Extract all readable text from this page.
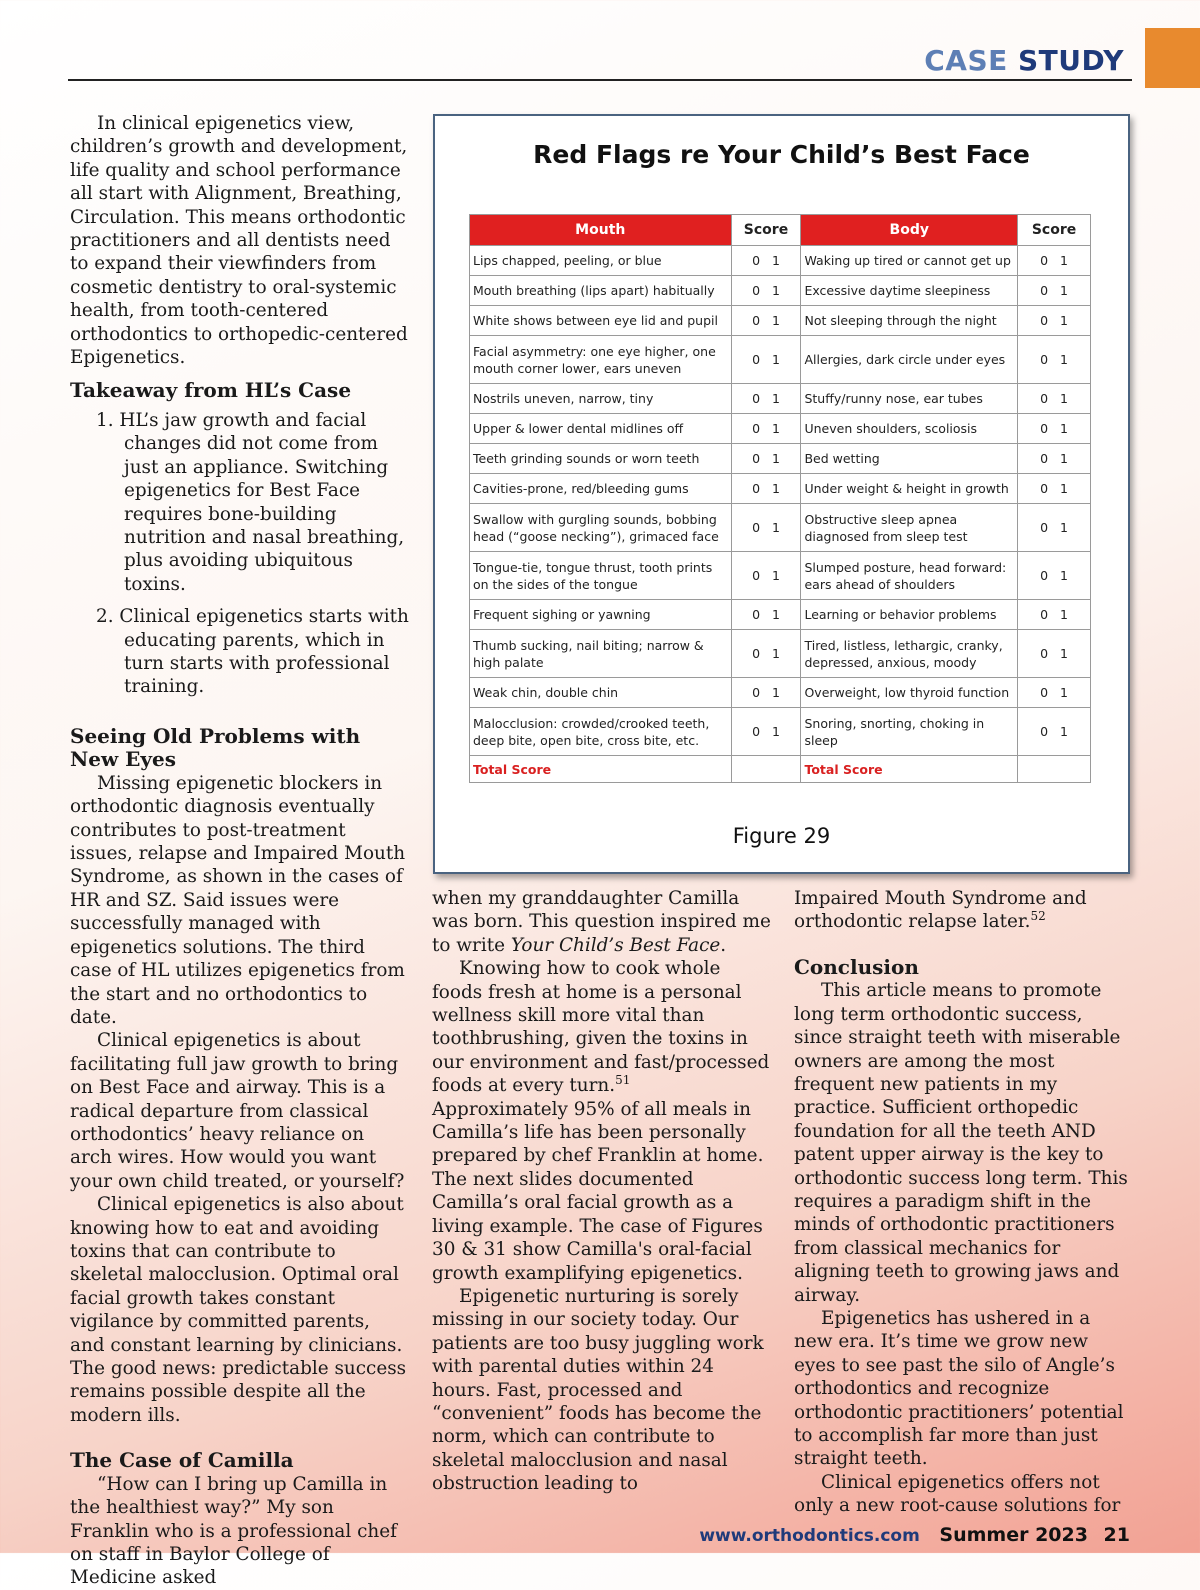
CASE STUDY

In clinical epigenetics view, children’s growth and development, life quality and school performance all start with Alignment, Breathing, Circulation. This means orthodontic practitioners and all dentists need to expand their viewfinders from cosmetic dentistry to oral-systemic health, from tooth-centered orthodontics to orthopedic-centered Epigenetics.

Takeaway from HL’s Case
1. HL’s jaw growth and facial changes did not come from just an appliance. Switching epigenetics for Best Face requires bone-building nutrition and nasal breathing, plus avoiding ubiquitous toxins.
2. Clinical epigenetics starts with educating parents, which in turn starts with professional training.
Seeing Old Problems with New Eyes

Missing epigenetic blockers in orthodontic diagnosis eventually contributes to post-treatment issues, relapse and Impaired Mouth Syndrome, as shown in the cases of HR and SZ. Said issues were successfully managed with epigenetics solutions. The third case of HL utilizes epigenetics from the start and no orthodontics to date.

Clinical epigenetics is about facilitating full jaw growth to bring on Best Face and airway. This is a radical departure from classical orthodontics’ heavy reliance on arch wires. How would you want your own child treated, or yourself?

Clinical epigenetics is also about knowing how to eat and avoiding toxins that can contribute to skeletal malocclusion. Optimal oral facial growth takes constant vigilance by committed parents, and constant learning by clinicians. The good news: predictable success remains possible despite all the modern ills.

The Case of Camilla

“How can I bring up Camilla in the healthiest way?” My son Franklin who is a professional chef on staff in Baylor College of Medicine asked

Red Flags re Your Child’s Best Face
Mouth	Score	Body	Score
Lips chapped, peeling, or blue	0   1	Waking up tired or cannot get up	0   1
Mouth breathing (lips apart) habitually	0   1	Excessive daytime sleepiness	0   1
White shows between eye lid and pupil	0   1	Not sleeping through the night	0   1
Facial asymmetry: one eye higher, one mouth corner lower, ears uneven	0   1	Allergies, dark circle under eyes	0   1
Nostrils uneven, narrow, tiny	0   1	Stuffy/runny nose, ear tubes	0   1
Upper & lower dental midlines off	0   1	Uneven shoulders, scoliosis	0   1
Teeth grinding sounds or worn teeth	0   1	Bed wetting	0   1
Cavities-prone, red/bleeding gums	0   1	Under weight & height in growth	0   1
Swallow with gurgling sounds, bobbing head (“goose necking”), grimaced face	0   1	Obstructive sleep apnea diagnosed from sleep test	0   1
Tongue-tie, tongue thrust, tooth prints on the sides of the tongue	0   1	Slumped posture, head forward: ears ahead of shoulders	0   1
Frequent sighing or yawning	0   1	Learning or behavior problems	0   1
Thumb sucking, nail biting; narrow & high palate	0   1	Tired, listless, lethargic, cranky, depressed, anxious, moody	0   1
Weak chin, double chin	0   1	Overweight, low thyroid function	0   1
Malocclusion: crowded/crooked teeth, deep bite, open bite, cross bite, etc.	0   1	Snoring, snorting, choking in sleep	0   1
Total Score		Total Score	
Figure 29

when my granddaughter Camilla was born. This question inspired me to write Your Child’s Best Face.

Knowing how to cook whole foods fresh at home is a personal wellness skill more vital than toothbrushing, given the toxins in our environment and fast/processed foods at every turn.$^{51}$ Approximately 95% of all meals in Camilla’s life has been personally prepared by chef Franklin at home. The next slides documented Camilla’s oral facial growth as a living example. The case of Figures 30 & 31 show Camilla's oral-facial growth examplifying epigenetics.

Epigenetic nurturing is sorely missing in our society today. Our patients are too busy juggling work with parental duties within 24 hours. Fast, processed and “convenient” foods has become the norm, which can contribute to skeletal malocclusion and nasal obstruction leading to

Impaired Mouth Syndrome and orthodontic relapse later.$^{52}$

Conclusion

This article means to promote long term orthodontic success, since straight teeth with miserable owners are among the most frequent new patients in my practice. Sufficient orthopedic foundation for all the teeth AND patent upper airway is the key to orthodontic success long term. This requires a paradigm shift in the minds of orthodontic practitioners from classical mechanics for aligning teeth to growing jaws and airway.

Epigenetics has ushered in a new era. It’s time we grow new eyes to see past the silo of Angle’s orthodontics and recognize orthodontic practitioners’ potential to accomplish far more than just straight teeth.

Clinical epigenetics offers not only a new root-cause solutions for

www.orthodontics.com Summer 2023 21
